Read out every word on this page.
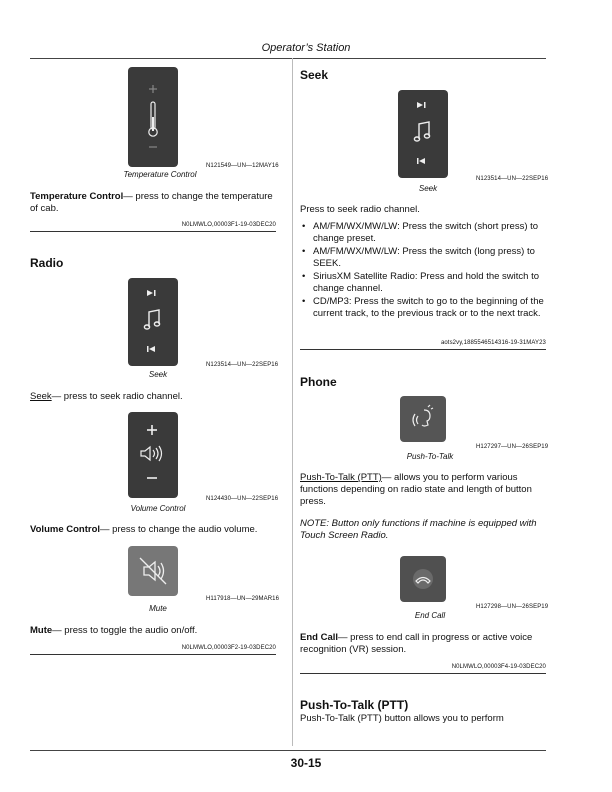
Operator’s Station
N121549—UN—12MAY16
Temperature Control
Temperature Control— press to change the temperature of cab.
N0LMWLO,00003F1-19-03DEC20
Radio
N123514—UN—22SEP16
Seek
Seek— press to seek radio channel.
N124430—UN—22SEP16
Volume Control
Volume Control— press to change the audio volume.
H117918—UN—29MAR16
Mute
Mute— press to toggle the audio on/off.
N0LMWLO,00003F2-19-03DEC20
Seek
N123514—UN—22SEP16
Seek
Press to seek radio channel.
• AM/FM/WX/MW/LW: Press the switch (short press) to change preset.
• AM/FM/WX/MW/LW: Press the switch (long press) to SEEK.
• SiriusXM Satellite Radio: Press and hold the switch to change channel.
• CD/MP3: Press the switch to go to the beginning of the current track, to the previous track or to the next track.
aots2vy,1885546514316-19-31MAY23
Phone
H127297—UN—26SEP19
Push-To-Talk
Push-To-Talk (PTT)— allows you to perform various functions depending on radio state and length of button press.
NOTE: Button only functions if machine is equipped with Touch Screen Radio.
H127298—UN—26SEP19
End Call
End Call— press to end call in progress or active voice recognition (VR) session.
N0LMWLO,00003F4-19-03DEC20
Push-To-Talk (PTT)
Push-To-Talk (PTT) button allows you to perform
30-15
